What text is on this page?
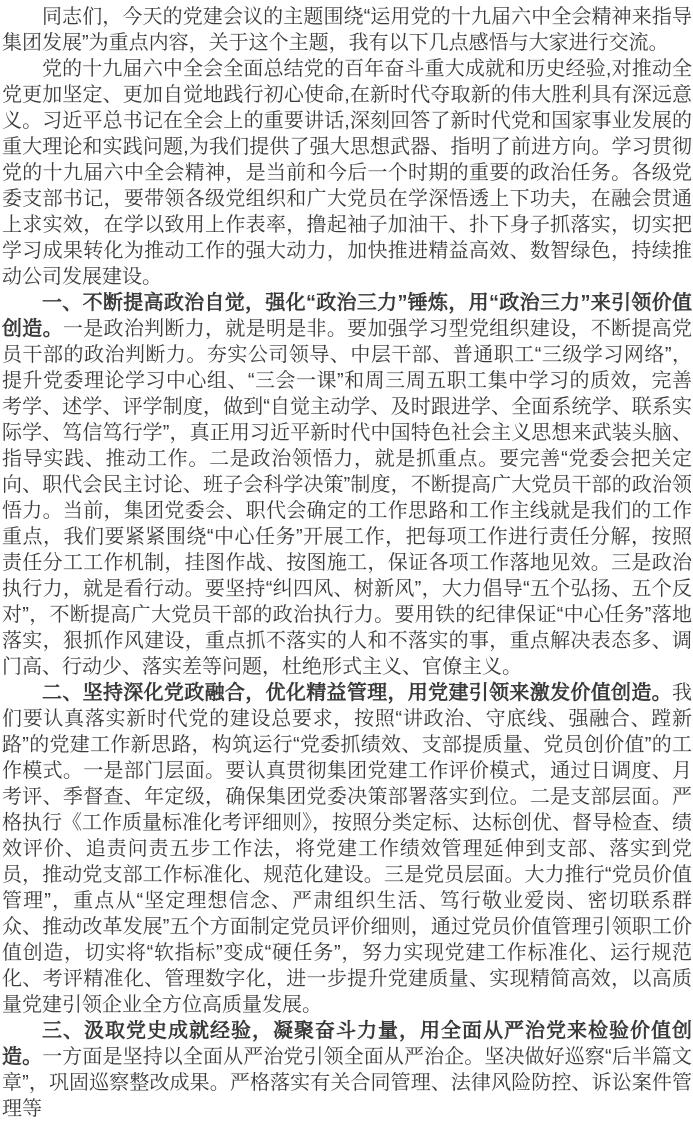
同志们，今天的党建会议的主题围绕“运用党的十九届六中全会精神来指导集团发展”为重点内容，关于这个主题，我有以下几点感悟与大家进行交流。

党的十九届六中全会全面总结党的百年奋斗重大成就和历史经验,对推动全党更加坚定、更加自觉地践行初心使命,在新时代夺取新的伟大胜利具有深远意义。习近平总书记在全会上的重要讲话,深刻回答了新时代党和国家事业发展的重大理论和实践问题,为我们提供了强大思想武器、指明了前进方向。学习贯彻党的十九届六中全会精神，是当前和今后一个时期的重要的政治任务。各级党委支部书记，要带领各级党组织和广大党员在学深悟透上下功夫，在融会贯通上求实效，在学以致用上作表率，撸起袖子加油干、扑下身子抓落实，切实把学习成果转化为推动工作的强大动力，加快推进精益高效、数智绿色，持续推动公司发展建设。

一、不断提高政治自觉，强化“政治三力”锤炼，用“政治三力”来引领价值创造。一是政治判断力，就是明是非。要加强学习型党组织建设，不断提高党员干部的政治判断力。夯实公司领导、中层干部、普通职工“三级学习网络”，提升党委理论学习中心组、“三会一课”和周三周五职工集中学习的质效，完善考学、述学、评学制度，做到“自觉主动学、及时跟进学、全面系统学、联系实际学、笃信笃行学”，真正用习近平新时代中国特色社会主义思想来武装头脑、指导实践、推动工作。二是政治领悟力，就是抓重点。要完善“党委会把关定向、职代会民主讨论、班子会科学决策”制度，不断提高广大党员干部的政治领悟力。当前，集团党委会、职代会确定的工作思路和工作主线就是我们的工作重点，我们要紧紧围绕“中心任务”开展工作，把每项工作进行责任分解，按照责任分工工作机制，挂图作战、按图施工，保证各项工作落地见效。三是政治执行力，就是看行动。要坚持“纠四风、树新风”，大力倡导“五个弘扬、五个反对”，不断提高广大党员干部的政治执行力。要用铁的纪律保证“中心任务”落地落实，狠抓作风建设，重点抓不落实的人和不落实的事，重点解决表态多、调门高、行动少、落实差等问题，杜绝形式主义、官僚主义。

二、坚持深化党政融合，优化精益管理，用党建引领来激发价值创造。我们要认真落实新时代党的建设总要求，按照“讲政治、守底线、强融合、蹚新路”的党建工作新思路，构筑运行“党委抓绩效、支部提质量、党员创价值”的工作模式。一是部门层面。要认真贯彻集团党建工作评价模式，通过日调度、月考评、季督查、年定级，确保集团党委决策部署落实到位。二是支部层面。严格执行《工作质量标准化考评细则》，按照分类定标、达标创优、督导检查、绩效评价、追责问责五步工作法，将党建工作绩效管理延伸到支部、落实到党员，推动党支部工作标准化、规范化建设。三是党员层面。大力推行“党员价值管理”，重点从“坚定理想信念、严肃组织生活、笃行敬业爱岗、密切联系群众、推动改革发展”五个方面制定党员评价细则，通过党员价值管理引领职工价值创造，切实将“软指标”变成“硬任务”，努力实现党建工作标准化、运行规范化、考评精准化、管理数字化，进一步提升党建质量、实现精简高效，以高质量党建引领企业全方位高质量发展。

三、汲取党史成就经验，凝聚奋斗力量，用全面从严治党来检验价值创造。一方面是坚持以全面从严治党引领全面从严治企。坚决做好巡察“后半篇文章”，巩固巡察整改成果。严格落实有关合同管理、法律风险防控、诉讼案件管理等
